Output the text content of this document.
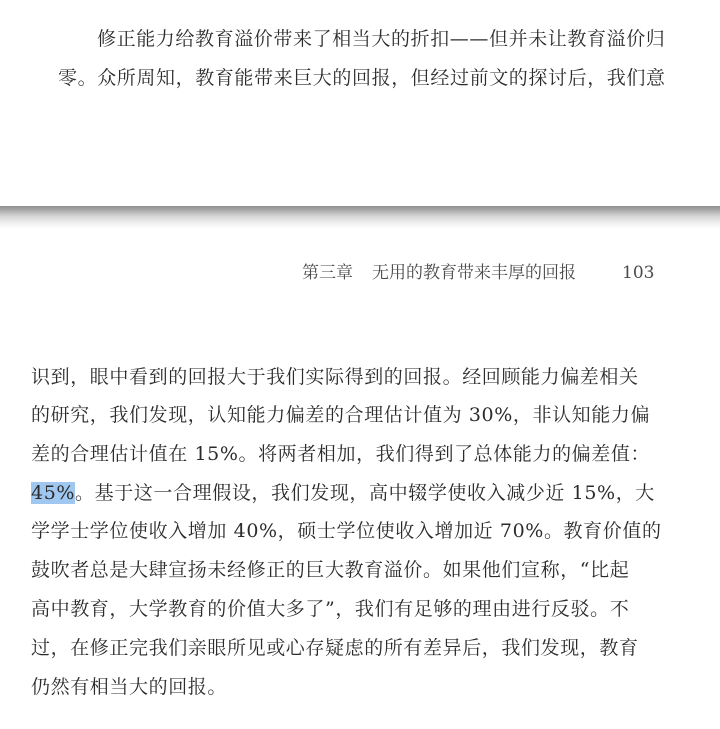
修正能力给教育溢价带来了相当大的折扣——但并未让教育溢价归
零。众所周知，教育能带来巨大的回报，但经过前文的探讨后，我们意
第三章 无用的教育带来丰厚的回报	103
识到，眼中看到的回报大于我们实际得到的回报。经回顾能力偏差相关
的研究，我们发现，认知能力偏差的合理估计值为 30%，非认知能力偏
差的合理估计值在 15%。将两者相加，我们得到了总体能力的偏差值：
45%。基于这一合理假设，我们发现，高中辍学使收入减少近 15%，大
学学士学位使收入增加 40%，硕士学位使收入增加近 70%。教育价值的
鼓吹者总是大肆宣扬未经修正的巨大教育溢价。如果他们宣称，“比起
高中教育，大学教育的价值大多了”，我们有足够的理由进行反驳。不
过，在修正完我们亲眼所见或心存疑虑的所有差异后，我们发现，教育
仍然有相当大的回报。
